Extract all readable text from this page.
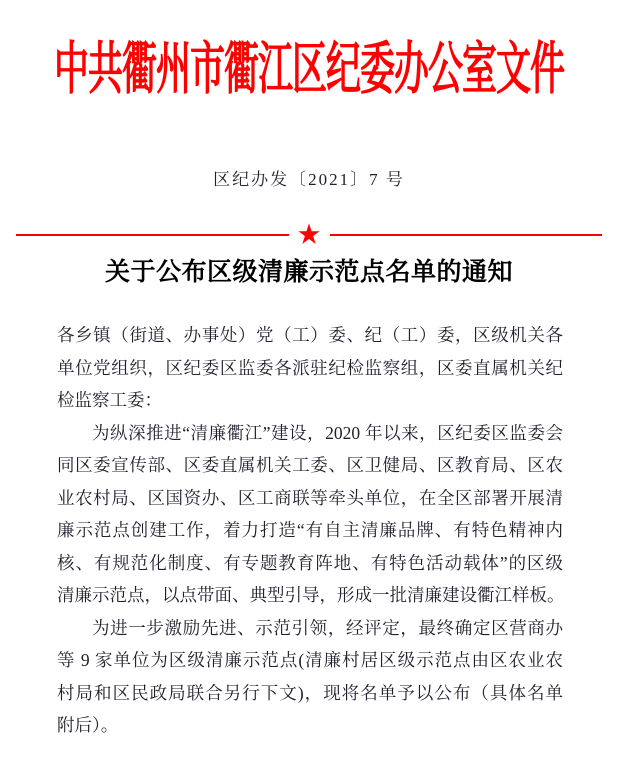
中共衢州市衢江区纪委办公室文件
区纪办发〔2021〕7 号
★
关于公布区级清廉示范点名单的通知
各乡镇（街道、办事处）党（工）委、纪（工）委，区级机关各
单位党组织，区纪委区监委各派驻纪检监察组，区委直属机关纪
检监察工委：
为纵深推进“清廉衢江”建设，2020 年以来，区纪委区监委会
同区委宣传部、区委直属机关工委、区卫健局、区教育局、区农
业农村局、区国资办、区工商联等牵头单位，在全区部署开展清
廉示范点创建工作，着力打造“有自主清廉品牌、有特色精神内
核、有规范化制度、有专题教育阵地、有特色活动载体”的区级
清廉示范点，以点带面、典型引导，形成一批清廉建设衢江样板。
为进一步激励先进、示范引领，经评定，最终确定区营商办
等 9 家单位为区级清廉示范点(清廉村居区级示范点由区农业农
村局和区民政局联合另行下文)，现将名单予以公布（具体名单
附后）。
